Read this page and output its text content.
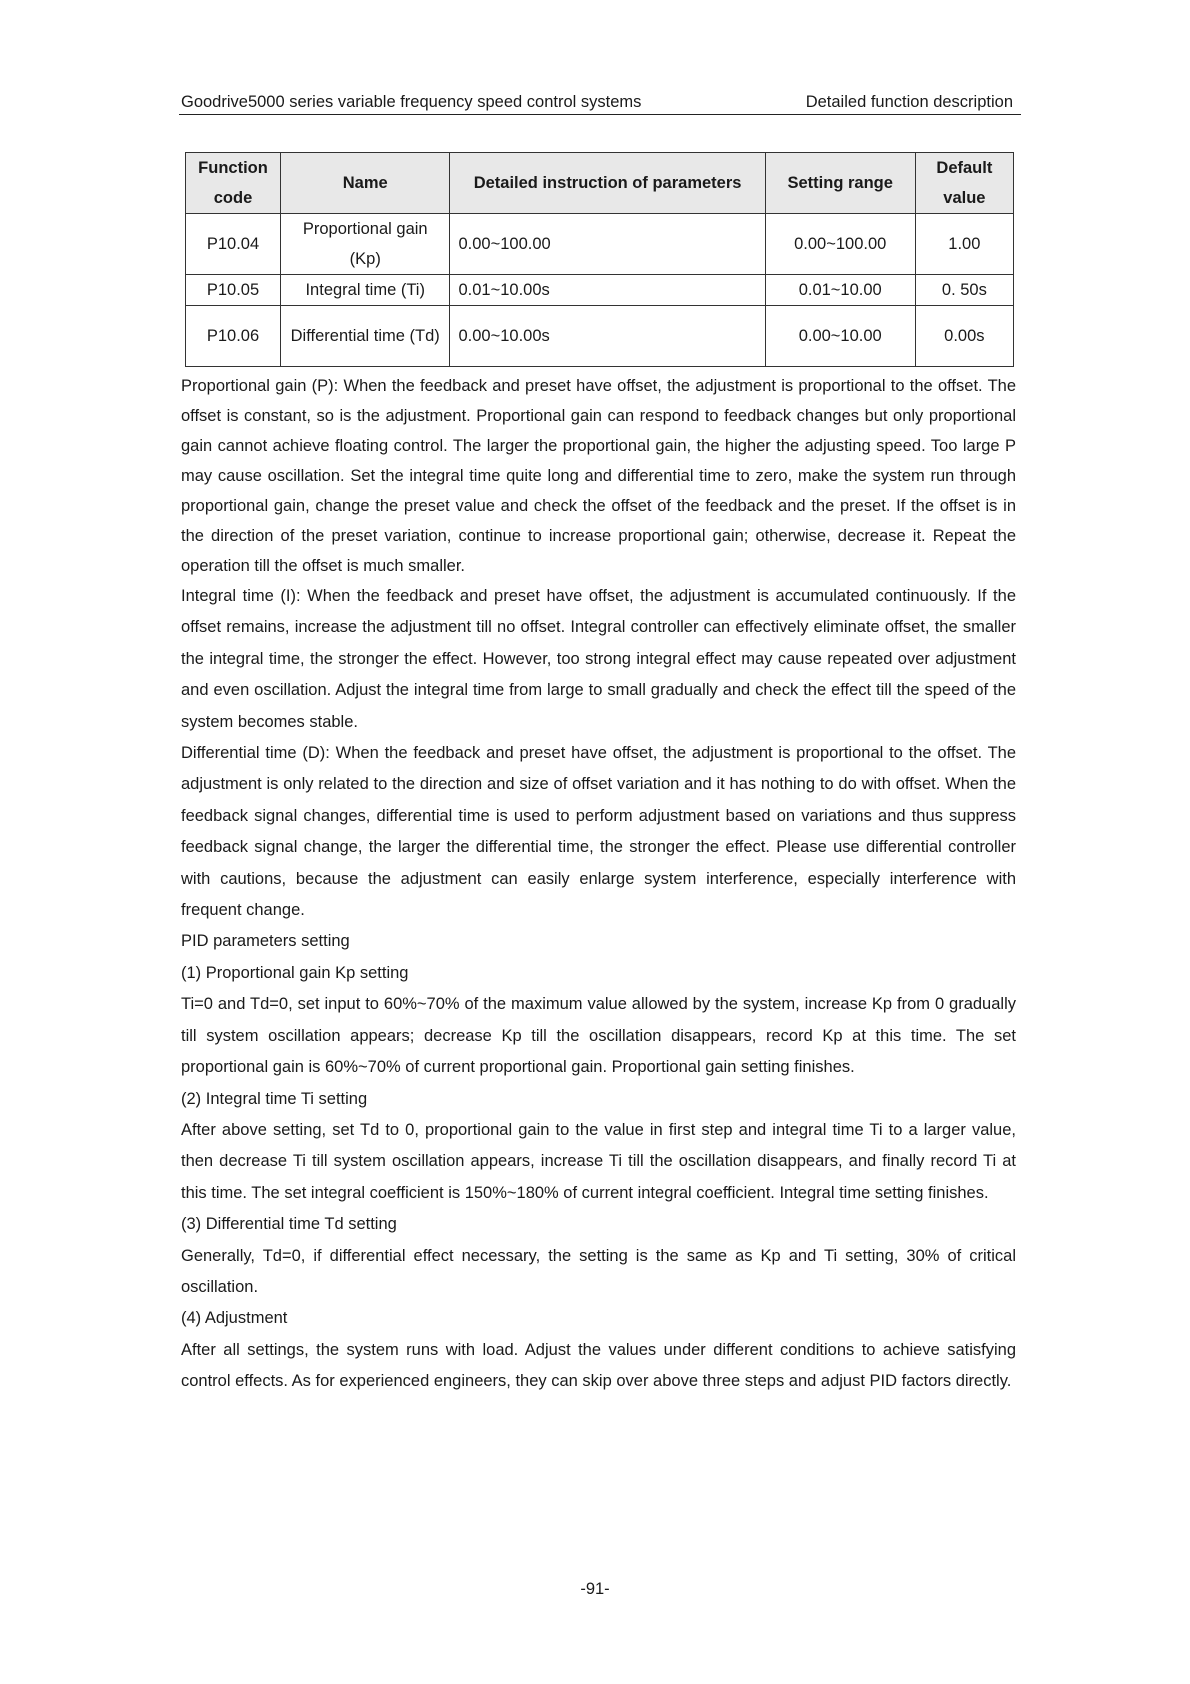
Goodrive5000 series variable frequency speed control systems	Detailed function description
Function code	Name	Detailed instruction of parameters	Setting range	Default value
P10.04	Proportional gain (Kp)	0.00~100.00	0.00~100.00	1.00
P10.05	Integral time (Ti)	0.01~10.00s	0.01~10.00	0. 50s
P10.06	Differential time (Td)	0.00~10.00s	0.00~10.00	0.00s

Proportional gain (P): When the feedback and preset have offset, the adjustment is proportional to the offset. The offset is constant, so is the adjustment. Proportional gain can respond to feedback changes but only proportional gain cannot achieve floating control. The larger the proportional gain, the higher the adjusting speed. Too large P may cause oscillation. Set the integral time quite long and differential time to zero, make the system run through proportional gain, change the preset value and check the offset of the feedback and the preset. If the offset is in the direction of the preset variation, continue to increase proportional gain; otherwise, decrease it. Repeat the operation till the offset is much smaller.

Integral time (I): When the feedback and preset have offset, the adjustment is accumulated continuously. If the offset remains, increase the adjustment till no offset. Integral controller can effectively eliminate offset, the smaller the integral time, the stronger the effect. However, too strong integral effect may cause repeated over adjustment and even oscillation. Adjust the integral time from large to small gradually and check the effect till the speed of the system becomes stable.

Differential time (D): When the feedback and preset have offset, the adjustment is proportional to the offset. The adjustment is only related to the direction and size of offset variation and it has nothing to do with offset. When the feedback signal changes, differential time is used to perform adjustment based on variations and thus suppress feedback signal change, the larger the differential time, the stronger the effect. Please use differential controller with cautions, because the adjustment can easily enlarge system interference, especially interference with frequent change.

PID parameters setting

(1) Proportional gain Kp setting

Ti=0 and Td=0, set input to 60%~70% of the maximum value allowed by the system, increase Kp from 0 gradually till system oscillation appears; decrease Kp till the oscillation disappears, record Kp at this time. The set proportional gain is 60%~70% of current proportional gain. Proportional gain setting finishes.

(2) Integral time Ti setting

After above setting, set Td to 0, proportional gain to the value in first step and integral time Ti to a larger value, then decrease Ti till system oscillation appears, increase Ti till the oscillation disappears, and finally record Ti at this time. The set integral coefficient is 150%~180% of current integral coefficient. Integral time setting finishes.

(3) Differential time Td setting

Generally, Td=0, if differential effect necessary, the setting is the same as Kp and Ti setting, 30% of critical oscillation.

(4) Adjustment

After all settings, the system runs with load. Adjust the values under different conditions to achieve satisfying control effects. As for experienced engineers, they can skip over above three steps and adjust PID factors directly.

-91-
